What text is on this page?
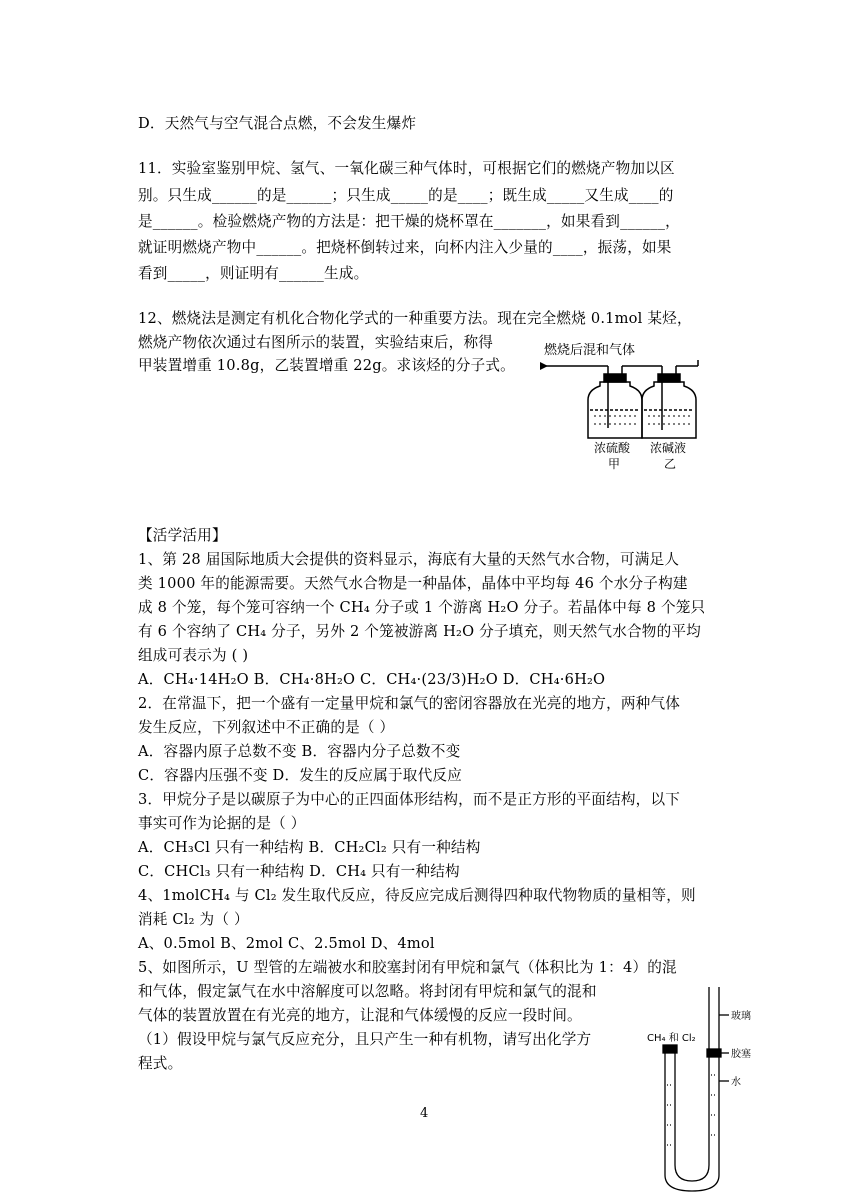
D．天然气与空气混合点燃，不会发生爆炸
11．实验室鉴别甲烷、氢气、一氧化碳三种气体时，可根据它们的燃烧产物加以区
别。只生成______的是______；只生成_____的是____；既生成_____又生成____的
是______。检验燃烧产物的方法是：把干燥的烧杯罩在_______，如果看到______，
就证明燃烧产物中______。把烧杯倒转过来，向杯内注入少量的____，振荡，如果
看到_____，则证明有______生成。
12、燃烧法是测定有机化合物化学式的一种重要方法。现在完全燃烧 0.1mol 某烃，
燃烧产物依次通过右图所示的装置，实验结束后，称得
甲装置增重 10.8g，乙装置增重 22g。求该烃的分子式。
燃烧后混和气体
浓硫酸
甲
浓碱液
乙
【活学活用】
1、第 28 届国际地质大会提供的资料显示，海底有大量的天然气水合物，可满足人
类 1000 年的能源需要。天然气水合物是一种晶体，晶体中平均每 46 个水分子构建
成 8 个笼，每个笼可容纳一个 CH₄ 分子或 1 个游离 H₂O 分子。若晶体中每 8 个笼只
有 6 个容纳了 CH₄ 分子，另外 2 个笼被游离 H₂O 分子填充，则天然气水合物的平均
组成可表示为 ( )
A．CH₄·14H₂O B．CH₄·8H₂O C．CH₄·(23/3)H₂O D．CH₄·6H₂O
2．在常温下，把一个盛有一定量甲烷和氯气的密闭容器放在光亮的地方，两种气体
发生反应，下列叙述中不正确的是（ ）
A．容器内原子总数不变 B．容器内分子总数不变
C．容器内压强不变 D．发生的反应属于取代反应
3．甲烷分子是以碳原子为中心的正四面体形结构，而不是正方形的平面结构，以下
事实可作为论据的是（ ）
A．CH₃Cl 只有一种结构 B．CH₂Cl₂ 只有一种结构
C．CHCl₃ 只有一种结构 D．CH₄ 只有一种结构
4、1molCH₄ 与 Cl₂ 发生取代反应，待反应完成后测得四种取代物物质的量相等，则
消耗 Cl₂ 为（ ）
A、0.5mol B、2mol C、2.5mol D、4mol
5、如图所示，U 型管的左端被水和胶塞封闭有甲烷和氯气（体积比为 1：4）的混
和气体，假定氯气在水中溶解度可以忽略。将封闭有甲烷和氯气的混和
气体的装置放置在有光亮的地方，让混和气体缓慢的反应一段时间。
（1）假设甲烷与氯气反应充分，且只产生一种有机物，请写出化学方
程式。
CH₄ 和 Cl₂
玻璃
胶塞
水
4
